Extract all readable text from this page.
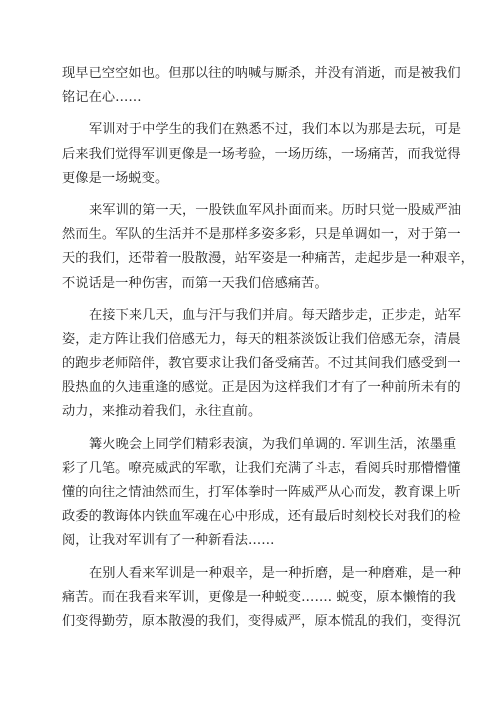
现早已空空如也。但那以往的呐喊与厮杀，并没有消逝，而是被我们
铭记在心……

军训对于中学生的我们在熟悉不过，我们本以为那是去玩，可是
后来我们觉得军训更像是一场考验，一场历练，一场痛苦，而我觉得
更像是一场蜕变。

来军训的第一天，一股铁血军风扑面而来。历时只觉一股威严油
然而生。军队的生活并不是那样多姿多彩，只是单调如一，对于第一
天的我们，还带着一股散漫，站军姿是一种痛苦，走起步是一种艰辛，
不说话是一种伤害，而第一天我们倍感痛苦。

在接下来几天，血与汗与我们并肩。每天踏步走，正步走，站军
姿，走方阵让我们倍感无力，每天的粗茶淡饭让我们倍感无奈，清晨
的跑步老师陪伴，教官要求让我们备受痛苦。不过其间我们感受到一
股热血的久违重逢的感觉。正是因为这样我们才有了一种前所未有的
动力，来推动着我们，永往直前。

篝火晚会上同学们精彩表演，为我们单调的. 军训生活，浓墨重
彩了几笔。嘹亮威武的军歌，让我们充满了斗志，看阅兵时那懵懵懂
懂的向往之情油然而生，打军体拳时一阵威严从心而发，教育课上听
政委的教诲体内铁血军魂在心中形成，还有最后时刻校长对我们的检
阅，让我对军训有了一种新看法……

在别人看来军训是一种艰辛，是一种折磨，是一种磨难，是一种
痛苦。而在我看来军训，更像是一种蜕变……. 蜕变，原本懒惰的我
们变得勤劳，原本散漫的我们，变得威严，原本慌乱的我们，变得沉
